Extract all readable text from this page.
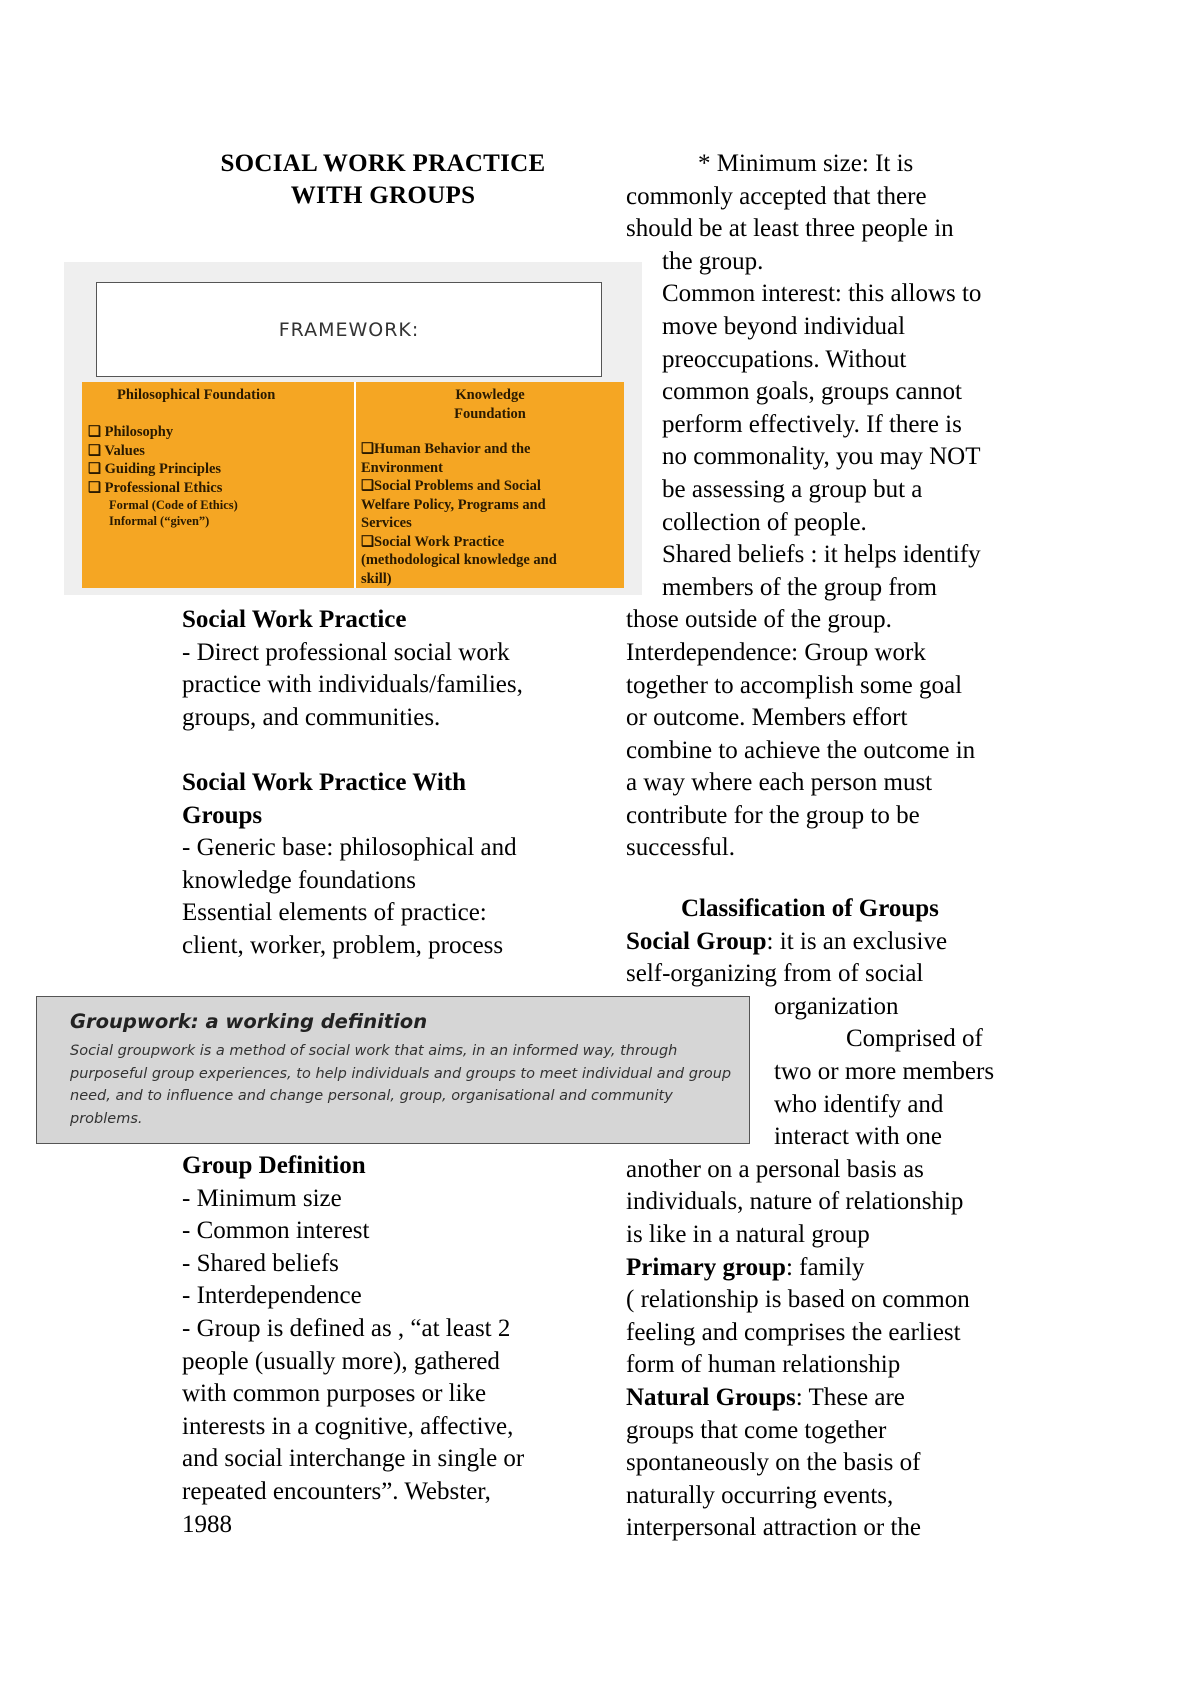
SOCIAL WORK PRACTICE
WITH GROUPS
FRAMEWORK:
Philosophical Foundation
❑ Philosophy
❑ Values
❑ Guiding Principles
❑ Professional Ethics
Formal (Code of Ethics)
Informal (“given”)
Knowledge
Foundation
❑Human Behavior and the
Environment
❑Social Problems and Social
Welfare Policy, Programs and
Services
❑Social Work Practice
(methodological knowledge and
skill)
Social Work Practice
- Direct professional social work
practice with individuals/families,
groups, and communities.
Social Work Practice With
Groups
- Generic base: philosophical and
knowledge foundations
Essential elements of practice:
client, worker, problem, process
Groupwork: a working definition
Social groupwork is a method of social work that aims, in an informed way, through
purposeful group experiences, to help individuals and groups to meet individual and group
need, and to influence and change personal, group, organisational and community
problems.
Group Definition
- Minimum size
- Common interest
- Shared beliefs
- Interdependence
- Group is defined as , “at least 2
people (usually more), gathered
with common purposes or like
interests in a cognitive, affective,
and social interchange in single or
repeated encounters”. Webster,
1988
* Minimum size: It is
commonly accepted that there
should be at least three people in
the group.
Common interest: this allows to
move beyond individual
preoccupations. Without
common goals, groups cannot
perform effectively. If there is
no commonality, you may NOT
be assessing a group but a
collection of people.
Shared beliefs : it helps identify
members of the group from
those outside of the group.
Interdependence: Group work
together to accomplish some goal
or outcome. Members effort
combine to achieve the outcome in
a way where each person must
contribute for the group to be
successful.
Classification of Groups
Social Group: it is an exclusive
self-organizing from of social
organization
Comprised of
two or more members
who identify and
interact with one
another on a personal basis as
individuals, nature of relationship
is like in a natural group
Primary group: family
( relationship is based on common
feeling and comprises the earliest
form of human relationship
Natural Groups: These are
groups that come together
spontaneously on the basis of
naturally occurring events,
interpersonal attraction or the
